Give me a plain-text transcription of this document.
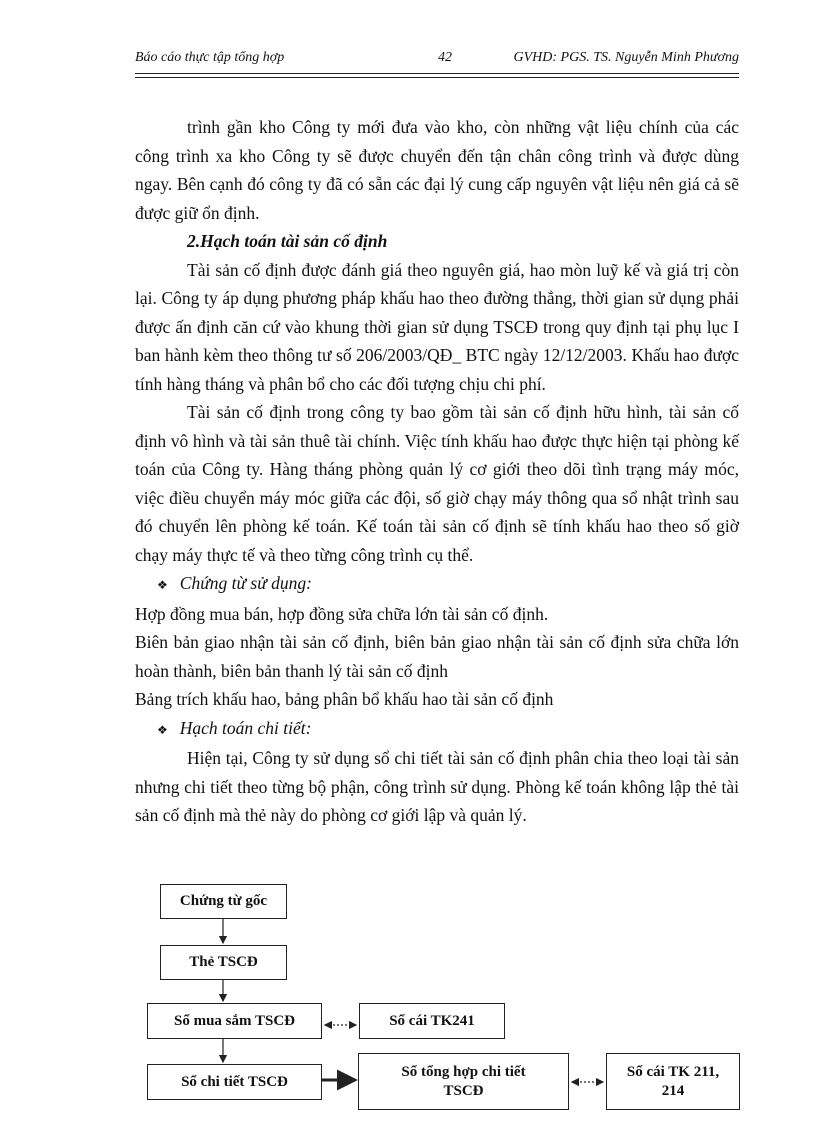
Báo cáo thực tập tổng hợp	42	GVHD: PGS. TS. Nguyễn Minh Phương

trình gần kho Công ty mới đưa vào kho, còn những vật liệu chính của các công trình xa kho Công ty sẽ được chuyển đến tận chân công trình và được dùng ngay. Bên cạnh đó công ty đã có sẵn các đại lý cung cấp nguyên vật liệu nên giá cả sẽ được giữ ổn định.

2.Hạch toán tài sản cố định

Tài sản cố định được đánh giá theo nguyên giá, hao mòn luỹ kế và giá trị còn lại. Công ty áp dụng phương pháp khấu hao theo đường thẳng, thời gian sử dụng phải được ấn định căn cứ vào khung thời gian sử dụng TSCĐ trong quy định tại phụ lục I ban hành kèm theo thông tư số 206/2003/QĐ_ BTC ngày 12/12/2003. Khấu hao được tính hàng tháng và phân bổ cho các đối tượng chịu chi phí.

Tài sản cố định trong công ty bao gồm tài sản cố định hữu hình, tài sản cố định vô hình và tài sản thuê tài chính. Việc tính khấu hao được thực hiện tại phòng kế toán của Công ty. Hàng tháng phòng quản lý cơ giới theo dõi tình trạng máy móc, việc điều chuyển máy móc giữa các đội, số giờ chạy máy thông qua sổ nhật trình sau đó chuyển lên phòng kế toán. Kế toán tài sản cố định sẽ tính khấu hao theo số giờ chạy máy thực tế và theo từng công trình cụ thể.

❖ Chứng từ sử dụng:

Hợp đồng mua bán, hợp đồng sửa chữa lớn tài sản cố định.

Biên bản giao nhận tài sản cố định, biên bản giao nhận tài sản cố định sửa chữa lớn hoàn thành, biên bản thanh lý tài sản cố định

Bảng trích khấu hao, bảng phân bổ khấu hao tài sản cố định

❖ Hạch toán chi tiết:

Hiện tại, Công ty sử dụng sổ chi tiết tài sản cố định phân chia theo loại tài sản nhưng chi tiết theo từng bộ phận, công trình sử dụng. Phòng kế toán không lập thẻ tài sản cố định mà thẻ này do phòng cơ giới lập và quản lý.

Chứng từ gốc
Thẻ TSCĐ
Sổ mua sắm TSCĐ	Sổ cái TK241
Sổ chi tiết TSCĐ
Sổ tổng hợp chi tiết TSCĐ
Sổ cái TK 211, 214
